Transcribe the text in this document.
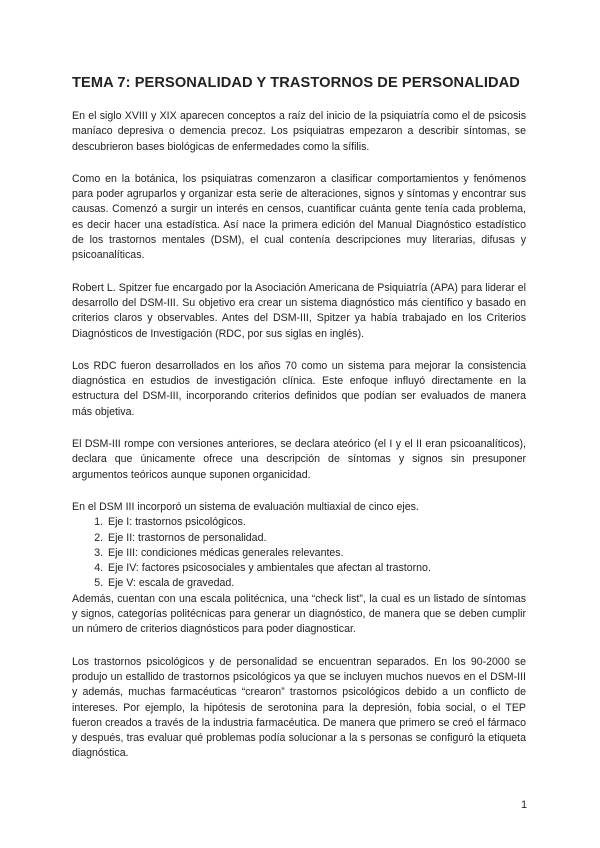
TEMA 7: PERSONALIDAD Y TRASTORNOS DE PERSONALIDAD

En el siglo XVIII y XIX aparecen conceptos a raíz del inicio de la psiquiatría como el de psicosis maníaco depresiva o demencia precoz. Los psiquiatras empezaron a describir síntomas, se descubrieron bases biológicas de enfermedades como la sífilis.

Como en la botánica, los psiquiatras comenzaron a clasificar comportamientos y fenómenos para poder agruparlos y organizar esta serie de alteraciones, signos y síntomas y encontrar sus causas. Comenzó a surgir un interés en censos, cuantificar cuánta gente tenía cada problema, es decir hacer una estadística. Así nace la primera edición del Manual Diagnóstico estadístico de los trastornos mentales (DSM), el cual contenía descripciones muy literarias, difusas y psicoanalíticas.

Robert L. Spitzer fue encargado por la Asociación Americana de Psiquiatría (APA) para liderar el desarrollo del DSM-III. Su objetivo era crear un sistema diagnóstico más científico y basado en criterios claros y observables. Antes del DSM-III, Spitzer ya había trabajado en los Criterios Diagnósticos de Investigación (RDC, por sus siglas en inglés).

Los RDC fueron desarrollados en los años 70 como un sistema para mejorar la consistencia diagnóstica en estudios de investigación clínica. Este enfoque influyó directamente en la estructura del DSM-III, incorporando criterios definidos que podían ser evaluados de manera más objetiva.

El DSM-III rompe con versiones anteriores, se declara ateórico (el I y el II eran psicoanalíticos), declara que únicamente ofrece una descripción de síntomas y signos sin presuponer argumentos teóricos aunque suponen organicidad.

En el DSM III incorporó un sistema de evaluación multiaxial de cinco ejes.

1. Eje I: trastornos psicológicos.
2. Eje II: trastornos de personalidad.
3. Eje III: condiciones médicas generales relevantes.
4. Eje IV: factores psicosociales y ambientales que afectan al trastorno.
5. Eje V: escala de gravedad.

Además, cuentan con una escala politécnica, una “check list”, la cual es un listado de síntomas y signos, categorías politécnicas para generar un diagnóstico, de manera que se deben cumplir un número de criterios diagnósticos para poder diagnosticar.

Los trastornos psicológicos y de personalidad se encuentran separados. En los 90-2000 se produjo un estallido de trastornos psicológicos ya que se incluyen muchos nuevos en el DSM-III y además, muchas farmacéuticas “crearon” trastornos psicológicos debido a un conflicto de intereses. Por ejemplo, la hipótesis de serotonina para la depresión, fobia social, o el TEP fueron creados a través de la industria farmacéutica. De manera que primero se creó el fármaco y después, tras evaluar qué problemas podía solucionar a la s personas se configuró la etiqueta diagnóstica.

1
